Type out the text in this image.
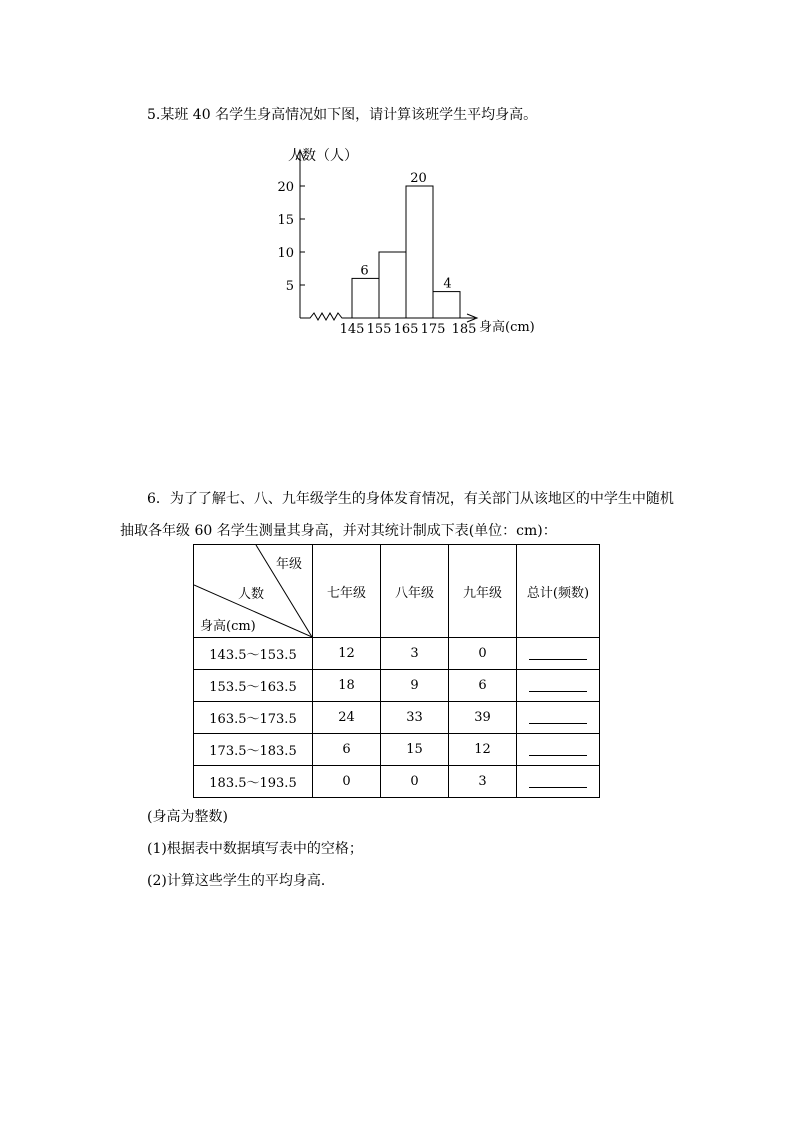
5.某班 40 名学生身高情况如下图，请计算该班学生平均身高。
人数（人）
身高(cm)
5
10
15
20
6
20
4
145 155 165 175 185
6．为了了解七、八、九年级学生的身体发育情况，有关部门从该地区的中学生中随机
抽取各年级 60 名学生测量其身高，并对其统计制成下表(单位：cm)：
年级
人数
身高(cm)	七年级	八年级	九年级	总计(频数)
143.5～153.5	12	3	0	
153.5～163.5	18	9	6	
163.5～173.5	24	33	39	
173.5～183.5	6	15	12	
183.5～193.5	0	0	3	
(身高为整数)
(1)根据表中数据填写表中的空格；
(2)计算这些学生的平均身高．
